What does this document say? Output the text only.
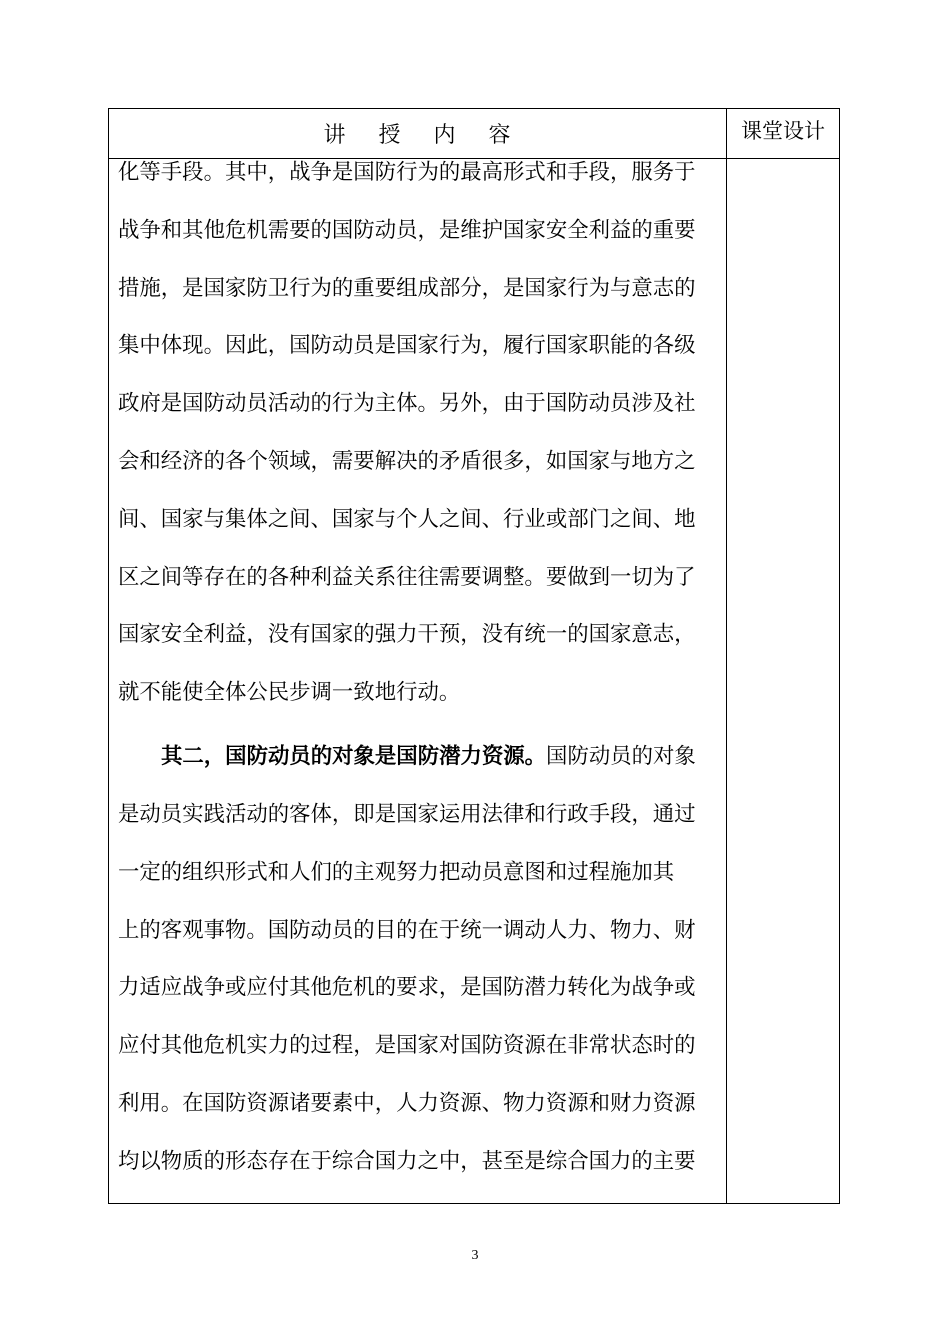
讲    授    内    容	课堂设计
化等手段。其中，战争是国防行为的最高形式和手段，服务于
战争和其他危机需要的国防动员，是维护国家安全利益的重要
措施，是国家防卫行为的重要组成部分，是国家行为与意志的
集中体现。因此，国防动员是国家行为，履行国家职能的各级
政府是国防动员活动的行为主体。另外，由于国防动员涉及社
会和经济的各个领域，需要解决的矛盾很多，如国家与地方之
间、国家与集体之间、国家与个人之间、行业或部门之间、地
区之间等存在的各种利益关系往往需要调整。要做到一切为了
国家安全利益，没有国家的强力干预，没有统一的国家意志，
就不能使全体公民步调一致地行动。
其二，国防动员的对象是国防潜力资源。国防动员的对象
是动员实践活动的客体，即是国家运用法律和行政手段，通过
一定的组织形式和人们的主观努力把动员意图和过程施加其
上的客观事物。国防动员的目的在于统一调动人力、物力、财
力适应战争或应付其他危机的要求，是国防潜力转化为战争或
应付其他危机实力的过程，是国家对国防资源在非常状态时的
利用。在国防资源诸要素中，人力资源、物力资源和财力资源
均以物质的形态存在于综合国力之中，甚至是综合国力的主要
3
